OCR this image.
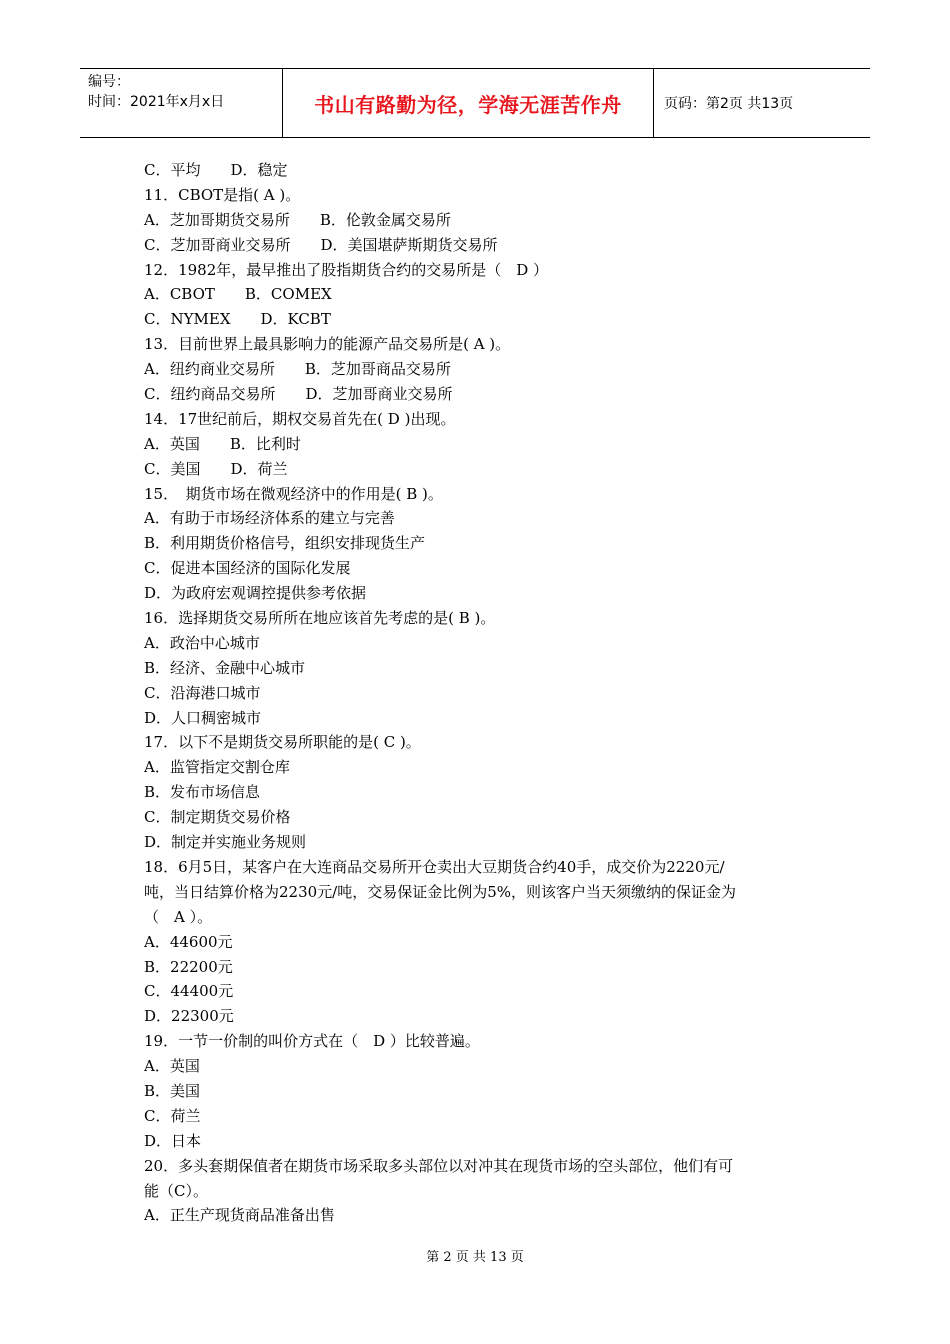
编号：
时间：2021年x月x日	书山有路勤为径，学海无涯苦作舟	页码：第2页 共13页
C．平均　　D．稳定
11．CBOT是指( A )。
A．芝加哥期货交易所　　B．伦敦金属交易所
C．芝加哥商业交易所　　D．美国堪萨斯期货交易所
12．1982年，最早推出了股指期货合约的交易所是（　D ）
A．CBOT　　B．COMEX
C．NYMEX　　D．KCBT
13．目前世界上最具影响力的能源产品交易所是( A )。
A．纽约商业交易所　　B．芝加哥商品交易所
C．纽约商品交易所　　D．芝加哥商业交易所
14．17世纪前后，期权交易首先在( D )出现。
A．英国　　B．比利时
C．美国　　D．荷兰
15．　期货市场在微观经济中的作用是( B )。
A．有助于市场经济体系的建立与完善
B．利用期货价格信号，组织安排现货生产
C．促进本国经济的国际化发展
D．为政府宏观调控提供参考依据
16．选择期货交易所所在地应该首先考虑的是( B )。
A．政治中心城市
B．经济、金融中心城市
C．沿海港口城市
D．人口稠密城市
17．以下不是期货交易所职能的是( C )。
A．监管指定交割仓库
B．发布市场信息
C．制定期货交易价格
D．制定并实施业务规则
18．6月5日，某客户在大连商品交易所开仓卖出大豆期货合约40手，成交价为2220元/
吨，当日结算价格为2230元/吨，交易保证金比例为5%，则该客户当天须缴纳的保证金为
（　A ）。
A．44600元
B．22200元
C．44400元
D．22300元
19．一节一价制的叫价方式在（　D ）比较普遍。
A．英国
B．美国
C．荷兰
D．日本
20．多头套期保值者在期货市场采取多头部位以对冲其在现货市场的空头部位，他们有可
能（C）。
A．正生产现货商品准备出售
第 2 页 共 13 页
